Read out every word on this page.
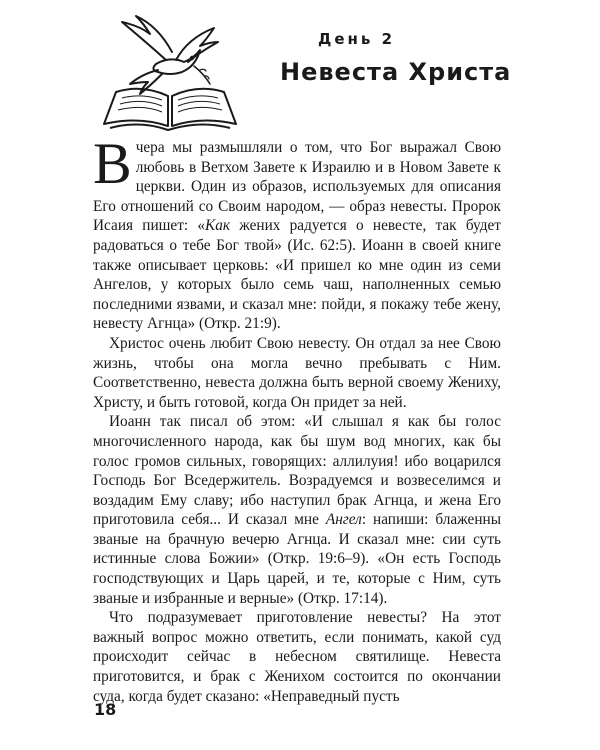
День 2
Невеста Христа

Вчера мы размышляли о том, что Бог выражал Свою любовь в Ветхом Завете к Израилю и в Новом Завете к церкви. Один из образов, используемых для описания Его отношений со Своим народом, — образ невесты. Пророк Исаия пишет: «Как жених радуется о невесте, так будет радоваться о тебе Бог твой» (Ис. 62:5). Иоанн в своей книге также описывает церковь: «И пришел ко мне один из семи Ангелов, у которых было семь чаш, наполненных семью последними язвами, и сказал мне: пойди, я покажу тебе жену, невесту Агнца» (Откр. 21:9).

Христос очень любит Свою невесту. Он отдал за нее Свою жизнь, чтобы она могла вечно пребывать с Ним. Соответственно, невеста должна быть верной своему Жениху, Христу, и быть готовой, когда Он придет за ней.

Иоанн так писал об этом: «И слышал я как бы голос многочисленного народа, как бы шум вод многих, как бы голос громов сильных, говорящих: аллилуия! ибо воцарился Господь Бог Вседержитель. Возрадуемся и возвеселимся и воздадим Ему славу; ибо наступил брак Агнца, и жена Его приготовила себя... И сказал мне Ангел: напиши: блаженны званые на брачную вечерю Агнца. И сказал мне: сии суть истинные слова Божии» (Откр. 19:6–9). «Он есть Господь господствующих и Царь царей, и те, которые с Ним, суть званые и избранные и верные» (Откр. 17:14).

Что подразумевает приготовление невесты? На этот важный вопрос можно ответить, если понимать, какой суд происходит сейчас в небесном святилище. Невеста приготовится, и брак с Женихом состоится по окончании суда, когда будет сказано: «Неправедный пусть

18
